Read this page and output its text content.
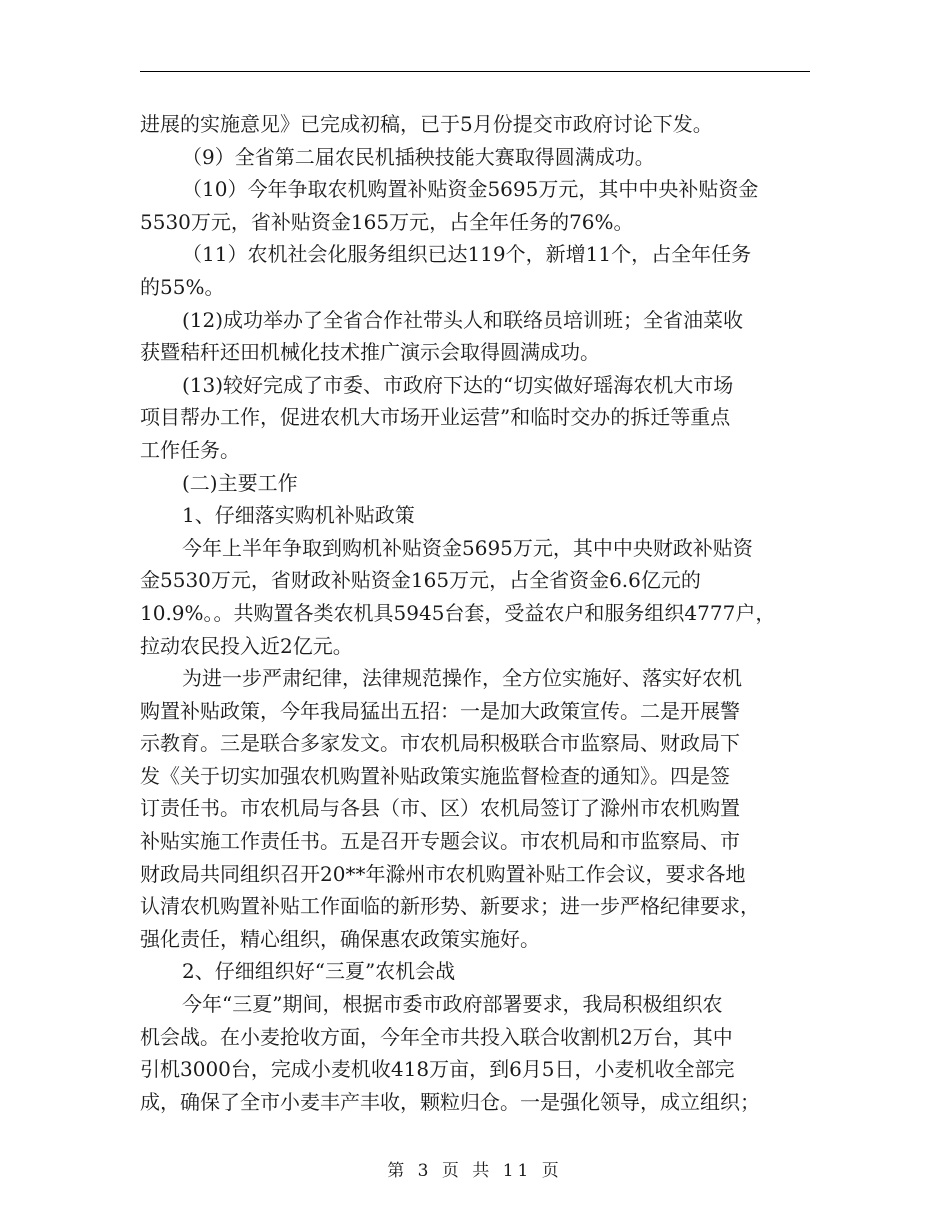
进展的实施意见》已完成初稿，已于5月份提交市政府讨论下发。
（9）全省第二届农民机插秧技能大赛取得圆满成功。
（10）今年争取农机购置补贴资金5695万元，其中中央补贴资金
5530万元，省补贴资金165万元，占全年任务的76%。
（11）农机社会化服务组织已达119个，新增11个，占全年任务
的55%。
(12)成功举办了全省合作社带头人和联络员培训班；全省油菜收
获暨秸秆还田机械化技术推广演示会取得圆满成功。
(13)较好完成了市委、市政府下达的“切实做好瑶海农机大市场
项目帮办工作，促进农机大市场开业运营”和临时交办的拆迁等重点
工作任务。
(二)主要工作
1、仔细落实购机补贴政策
今年上半年争取到购机补贴资金5695万元，其中中央财政补贴资
金5530万元，省财政补贴资金165万元，占全省资金6.6亿元的
10.9%。。共购置各类农机具5945台套，受益农户和服务组织4777户，
拉动农民投入近2亿元。
为进一步严肃纪律，法律规范操作，全方位实施好、落实好农机
购置补贴政策，今年我局猛出五招：一是加大政策宣传。二是开展警
示教育。三是联合多家发文。市农机局积极联合市监察局、财政局下
发《关于切实加强农机购置补贴政策实施监督检查的通知》。四是签
订责任书。市农机局与各县（市、区）农机局签订了滁州市农机购置
补贴实施工作责任书。五是召开专题会议。市农机局和市监察局、市
财政局共同组织召开20**年滁州市农机购置补贴工作会议，要求各地
认清农机购置补贴工作面临的新形势、新要求；进一步严格纪律要求，
强化责任，精心组织，确保惠农政策实施好。
2、仔细组织好“三夏”农机会战
今年“三夏”期间，根据市委市政府部署要求，我局积极组织农
机会战。在小麦抢收方面，今年全市共投入联合收割机2万台，其中
引机3000台，完成小麦机收418万亩，到6月5日，小麦机收全部完
成，确保了全市小麦丰产丰收，颗粒归仓。一是强化领导，成立组织；
第 3 页 共 11 页
